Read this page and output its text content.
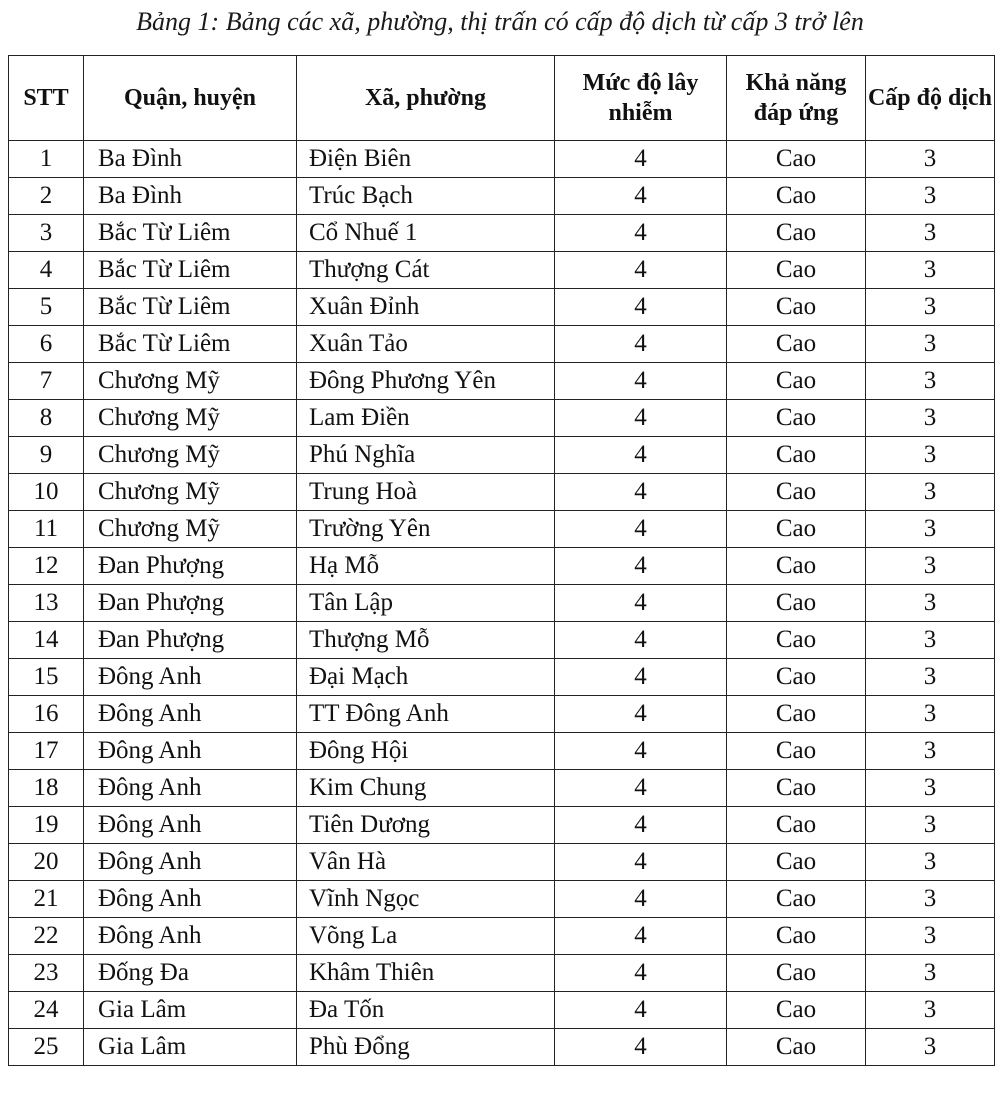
Bảng 1: Bảng các xã, phường, thị trấn có cấp độ dịch từ cấp 3 trở lên
STT	Quận, huyện	Xã, phường	Mức độ lây nhiễm	Khả năng đáp ứng	Cấp độ dịch
1	Ba Đình	Điện Biên	4	Cao	3
2	Ba Đình	Trúc Bạch	4	Cao	3
3	Bắc Từ Liêm	Cổ Nhuế 1	4	Cao	3
4	Bắc Từ Liêm	Thượng Cát	4	Cao	3
5	Bắc Từ Liêm	Xuân Đỉnh	4	Cao	3
6	Bắc Từ Liêm	Xuân Tảo	4	Cao	3
7	Chương Mỹ	Đông Phương Yên	4	Cao	3
8	Chương Mỹ	Lam Điền	4	Cao	3
9	Chương Mỹ	Phú Nghĩa	4	Cao	3
10	Chương Mỹ	Trung Hoà	4	Cao	3
11	Chương Mỹ	Trường Yên	4	Cao	3
12	Đan Phượng	Hạ Mỗ	4	Cao	3
13	Đan Phượng	Tân Lập	4	Cao	3
14	Đan Phượng	Thượng Mỗ	4	Cao	3
15	Đông Anh	Đại Mạch	4	Cao	3
16	Đông Anh	TT Đông Anh	4	Cao	3
17	Đông Anh	Đông Hội	4	Cao	3
18	Đông Anh	Kim Chung	4	Cao	3
19	Đông Anh	Tiên Dương	4	Cao	3
20	Đông Anh	Vân Hà	4	Cao	3
21	Đông Anh	Vĩnh Ngọc	4	Cao	3
22	Đông Anh	Võng La	4	Cao	3
23	Đống Đa	Khâm Thiên	4	Cao	3
24	Gia Lâm	Đa Tốn	4	Cao	3
25	Gia Lâm	Phù Đổng	4	Cao	3
